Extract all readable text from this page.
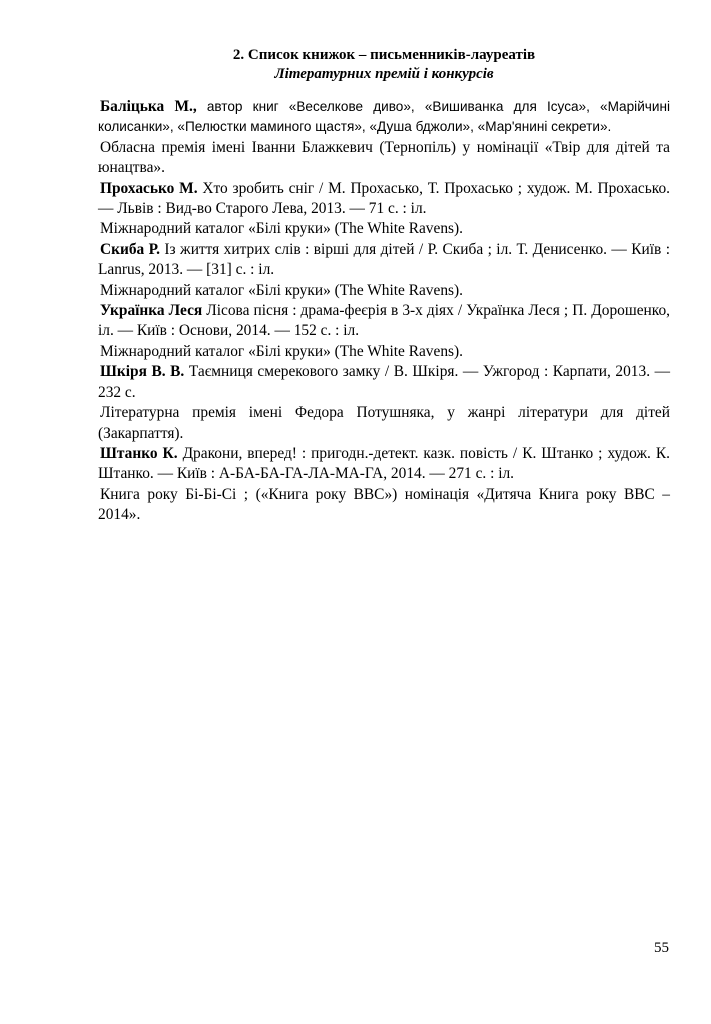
2. Список книжок – письменників-лауреатів
Літературних премій і конкурсів

Баліцька М., автор книг «Веселкове диво», «Вишиванка для Ісуса», «Марійчині колисанки», «Пелюстки маминого щастя», «Душа бджоли», «Мар'янині секрети».

Обласна премія імені Іванни Блажкевич (Тернопіль) у номінації «Твір для дітей та юнацтва».

Прохасько М. Хто зробить сніг / М. Прохасько, Т. Прохасько ; худож. М. Прохасько. — Львів : Вид-во Старого Лева, 2013. — 71 с. : іл.

Міжнародний каталог «Білі круки» (The White Ravens).

Скиба Р. Із життя хитрих слів : вірші для дітей / Р. Скиба ; іл. Т. Денисенко. — Київ : Lanrus, 2013. — [31] с. : іл.

Міжнародний каталог «Білі круки» (The White Ravens).

Українка Леся Лісова пісня : драма-феєрія в 3-х діях / Українка Леся ; П. Дорошенко, іл. — Київ : Основи, 2014. — 152 с. : іл.

Міжнародний каталог «Білі круки» (The White Ravens).

Шкіря В. В. Таємниця смерекового замку / В. Шкіря. — Ужгород : Карпати, 2013. — 232 с.

Літературна премія імені Федора Потушняка, у жанрі літератури для дітей (Закарпаття).

Штанко К. Дракони, вперед! : пригодн.-детект. казк. повість / К. Штанко ; худож. К. Штанко. — Київ : А-БА-БА-ГА-ЛА-МА-ГА, 2014. — 271 с. : іл.

Книга року Бі-Бі-Сі ; («Книга року BBC») номінація «Дитяча Книга року BBC – 2014».

55
